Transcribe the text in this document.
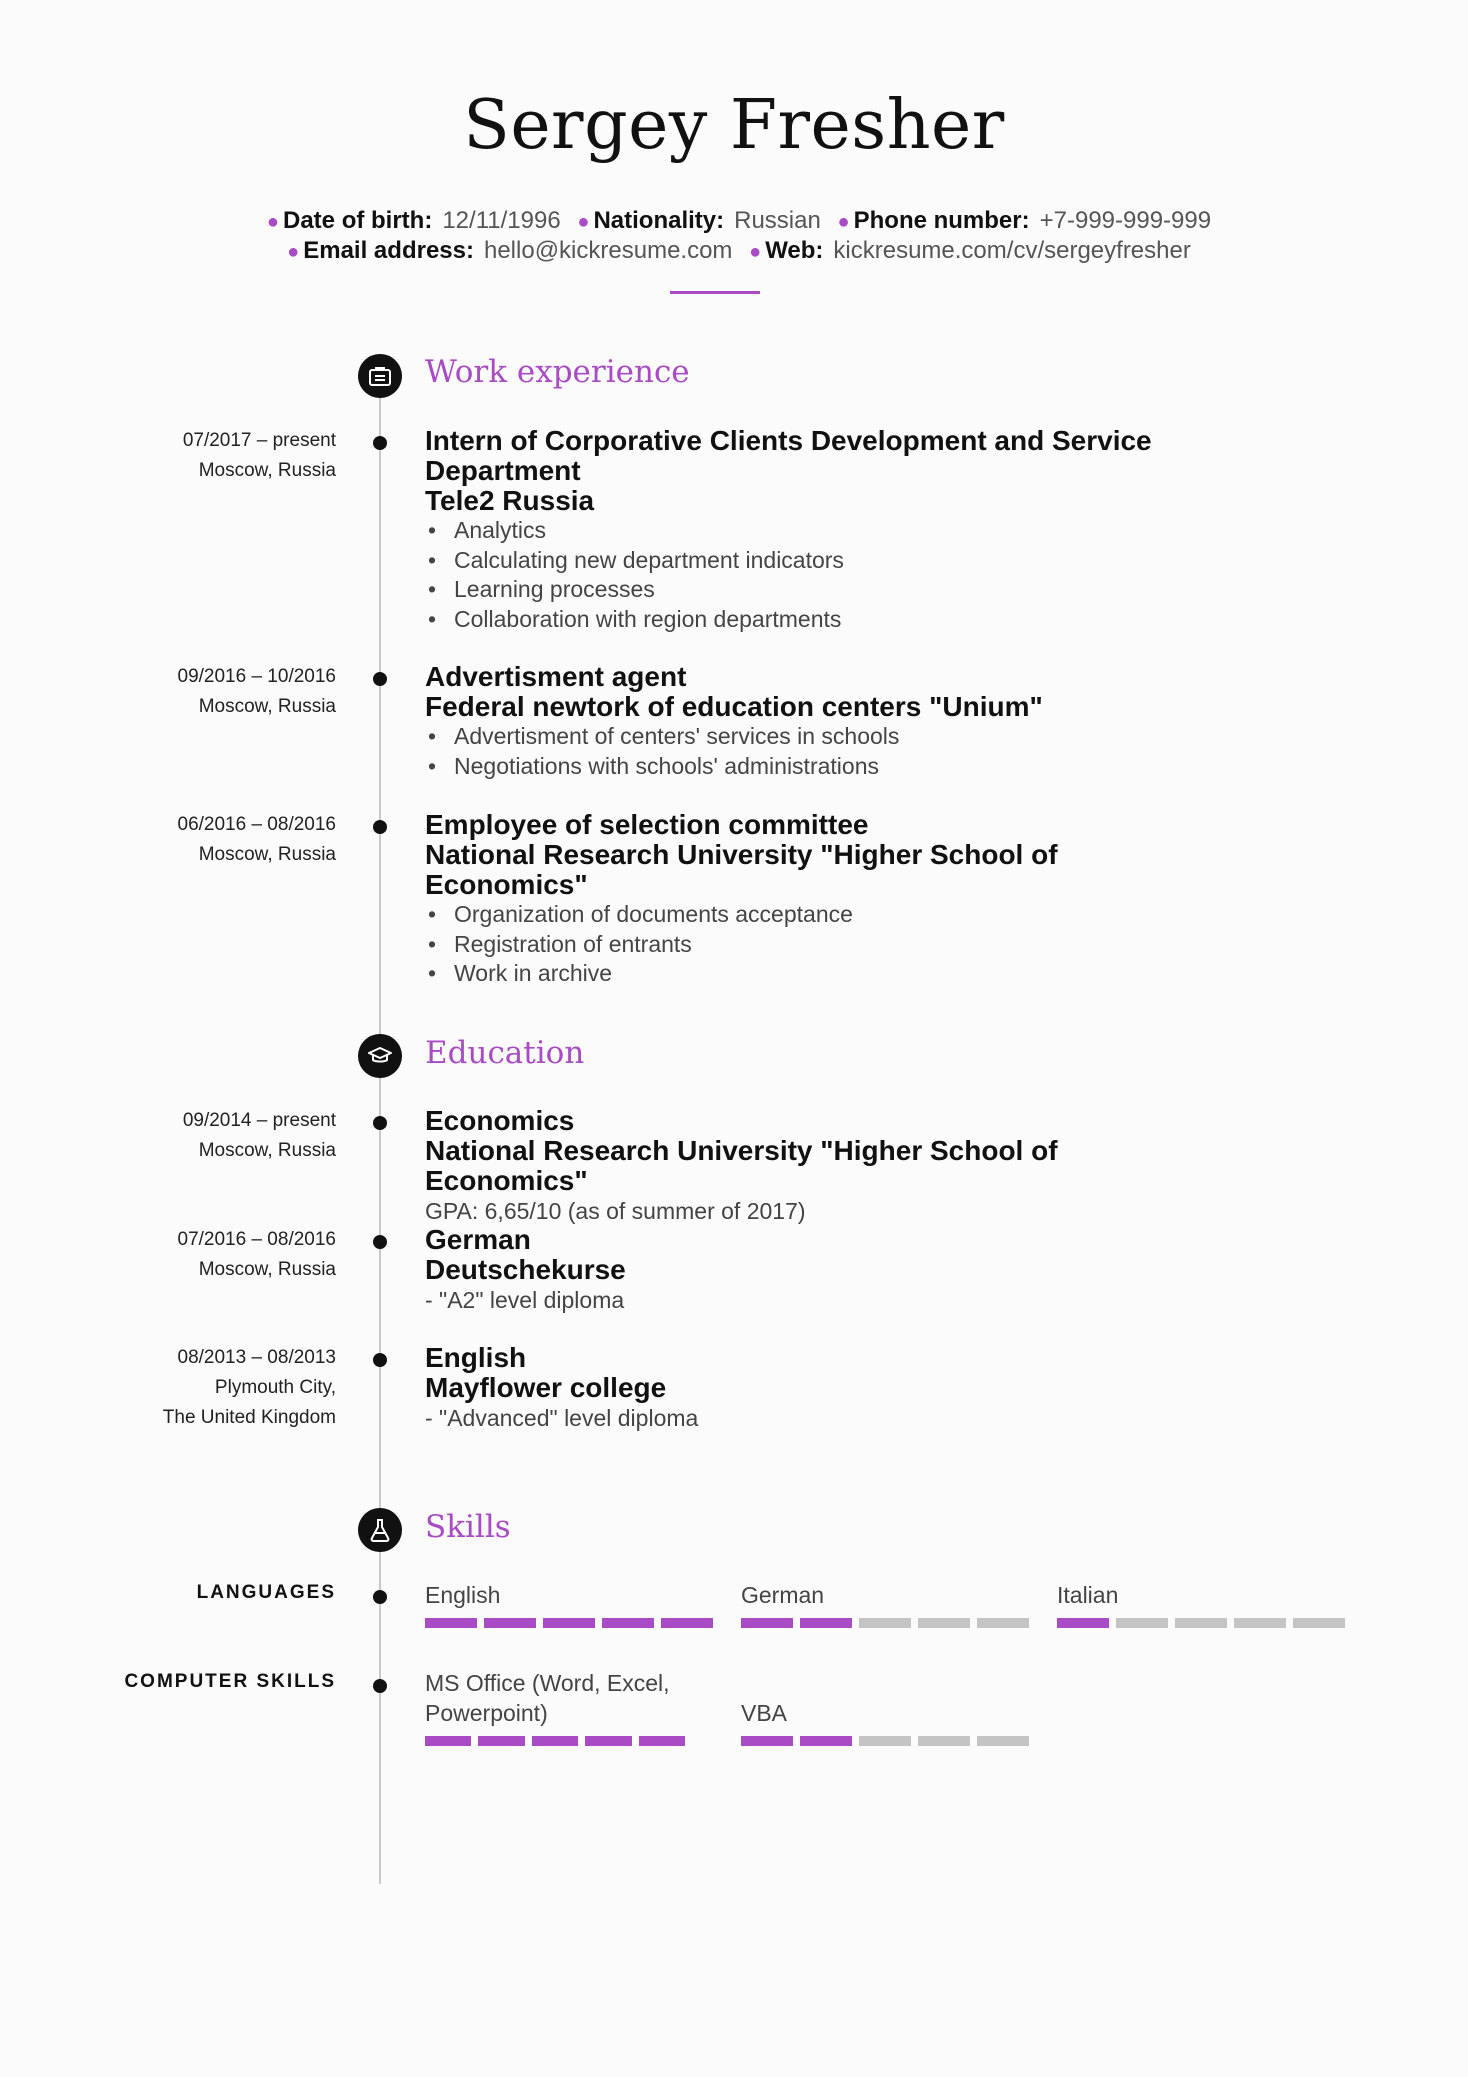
Sergey Fresher
● Date of birth: 12/11/1996 ● Nationality: Russian ● Phone number: +7-999-999-999
● Email address: hello@kickresume.com ● Web: kickresume.com/cv/sergeyfresher
Work experience
07/2017 – present
Moscow, Russia
Intern of Corporative Clients Development and Service Department
Tele2 Russia
• Analytics
• Calculating new department indicators
• Learning processes
• Collaboration with region departments
09/2016 – 10/2016
Moscow, Russia
Advertisment agent
Federal newtork of education centers "Unium"
• Advertisment of centers' services in schools
• Negotiations with schools' administrations
06/2016 – 08/2016
Moscow, Russia
Employee of selection committee
National Research University "Higher School of Economics"
• Organization of documents acceptance
• Registration of entrants
• Work in archive
Education
09/2014 – present
Moscow, Russia
Economics
National Research University "Higher School of Economics"
GPA: 6,65/10 (as of summer of 2017)
07/2016 – 08/2016
Moscow, Russia
German
Deutschekurse
- "A2" level diploma
08/2013 – 08/2013
Plymouth City,
The United Kingdom
English
Mayflower college
- "Advanced" level diploma
Skills
LANGUAGES	English	German	Italian
COMPUTER SKILLS	MS Office (Word, Excel, Powerpoint)	VBA
